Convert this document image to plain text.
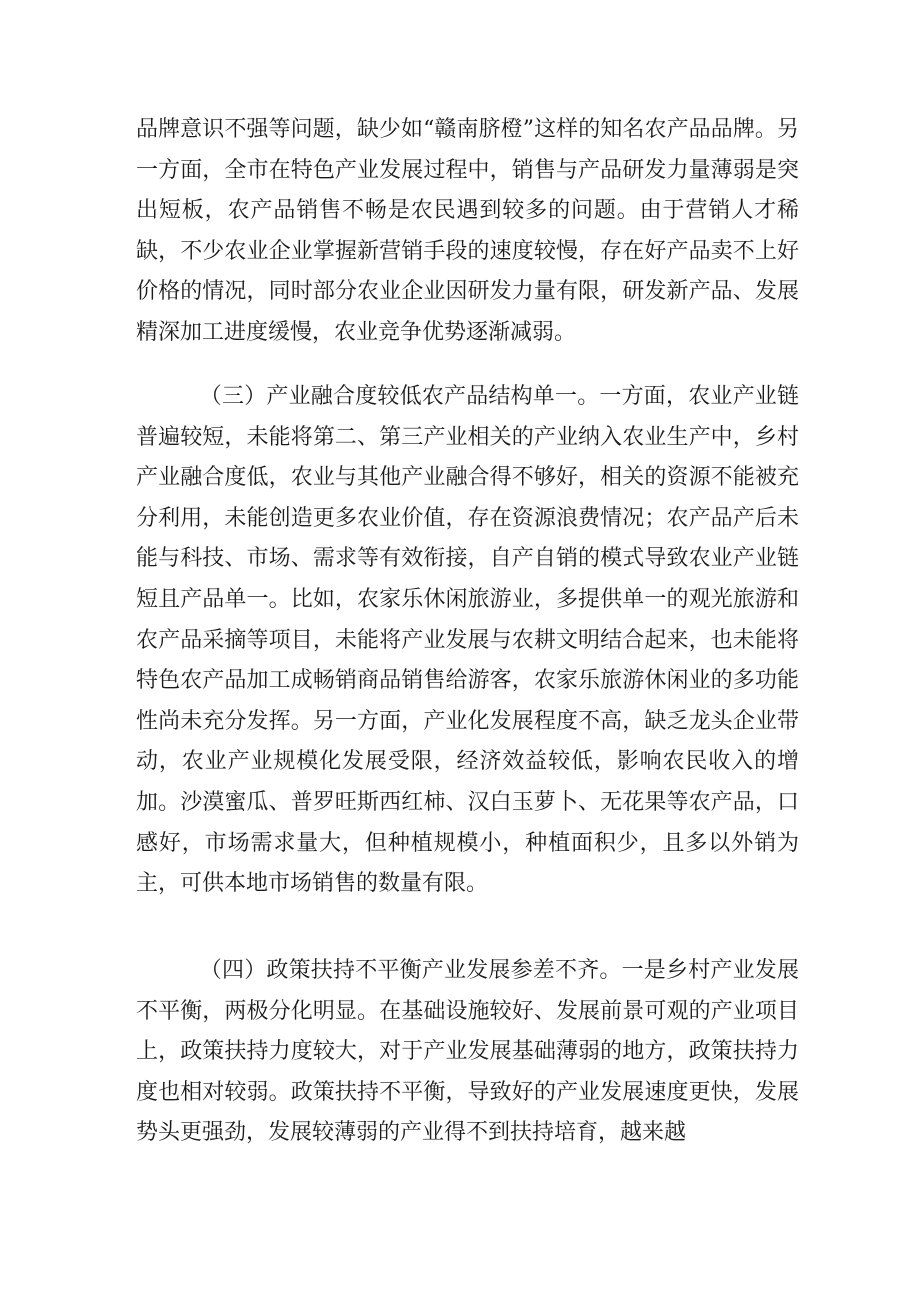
品牌意识不强等问题，缺少如“赣南脐橙”这样的知名农产品品牌。另一方面，全市在特色产业发展过程中，销售与产品研发力量薄弱是突出短板，农产品销售不畅是农民遇到较多的问题。由于营销人才稀缺，不少农业企业掌握新营销手段的速度较慢，存在好产品卖不上好价格的情况，同时部分农业企业因研发力量有限，研发新产品、发展精深加工进度缓慢，农业竞争优势逐渐减弱。

（三）产业融合度较低农产品结构单一。一方面，农业产业链普遍较短，未能将第二、第三产业相关的产业纳入农业生产中，乡村产业融合度低，农业与其他产业融合得不够好，相关的资源不能被充分利用，未能创造更多农业价值，存在资源浪费情况；农产品产后未能与科技、市场、需求等有效衔接，自产自销的模式导致农业产业链短且产品单一。比如，农家乐休闲旅游业，多提供单一的观光旅游和农产品采摘等项目，未能将产业发展与农耕文明结合起来，也未能将特色农产品加工成畅销商品销售给游客，农家乐旅游休闲业的多功能性尚未充分发挥。另一方面，产业化发展程度不高，缺乏龙头企业带动，农业产业规模化发展受限，经济效益较低，影响农民收入的增加。沙漠蜜瓜、普罗旺斯西红柿、汉白玉萝卜、无花果等农产品，口感好，市场需求量大，但种植规模小，种植面积少，且多以外销为主，可供本地市场销售的数量有限。

（四）政策扶持不平衡产业发展参差不齐。一是乡村产业发展不平衡，两极分化明显。在基础设施较好、发展前景可观的产业项目上，政策扶持力度较大，对于产业发展基础薄弱的地方，政策扶持力度也相对较弱。政策扶持不平衡，导致好的产业发展速度更快，发展势头更强劲，发展较薄弱的产业得不到扶持培育，越来越
